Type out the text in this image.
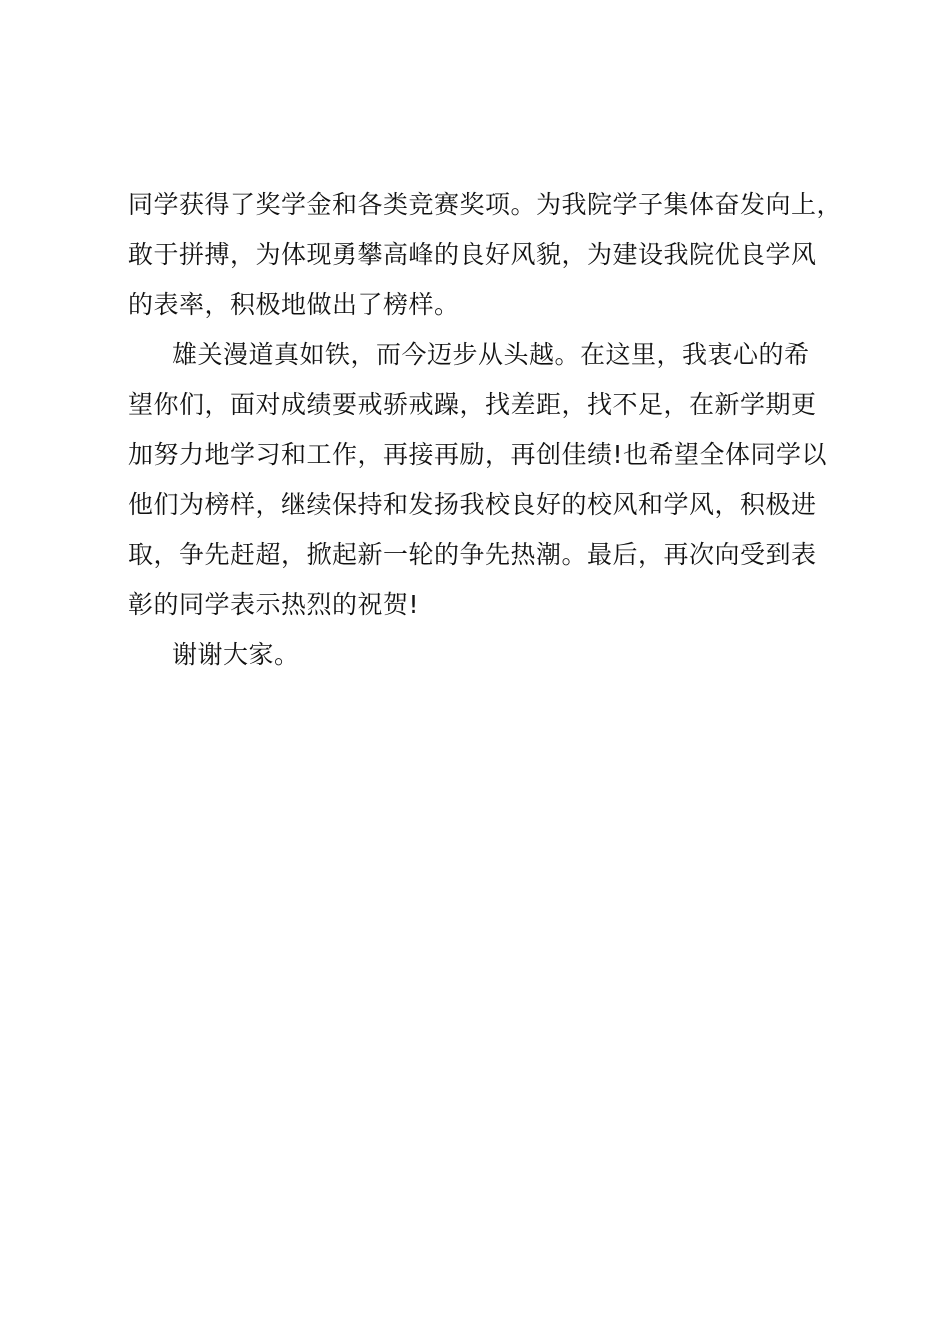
同学获得了奖学金和各类竞赛奖项。为我院学子集体奋发向上，
敢于拼搏，为体现勇攀高峰的良好风貌，为建设我院优良学风
的表率，积极地做出了榜样。
雄关漫道真如铁，而今迈步从头越。在这里，我衷心的希
望你们，面对成绩要戒骄戒躁，找差距，找不足，在新学期更
加努力地学习和工作，再接再励，再创佳绩!也希望全体同学以
他们为榜样，继续保持和发扬我校良好的校风和学风，积极进
取，争先赶超，掀起新一轮的争先热潮。最后，再次向受到表
彰的同学表示热烈的祝贺!
谢谢大家。
